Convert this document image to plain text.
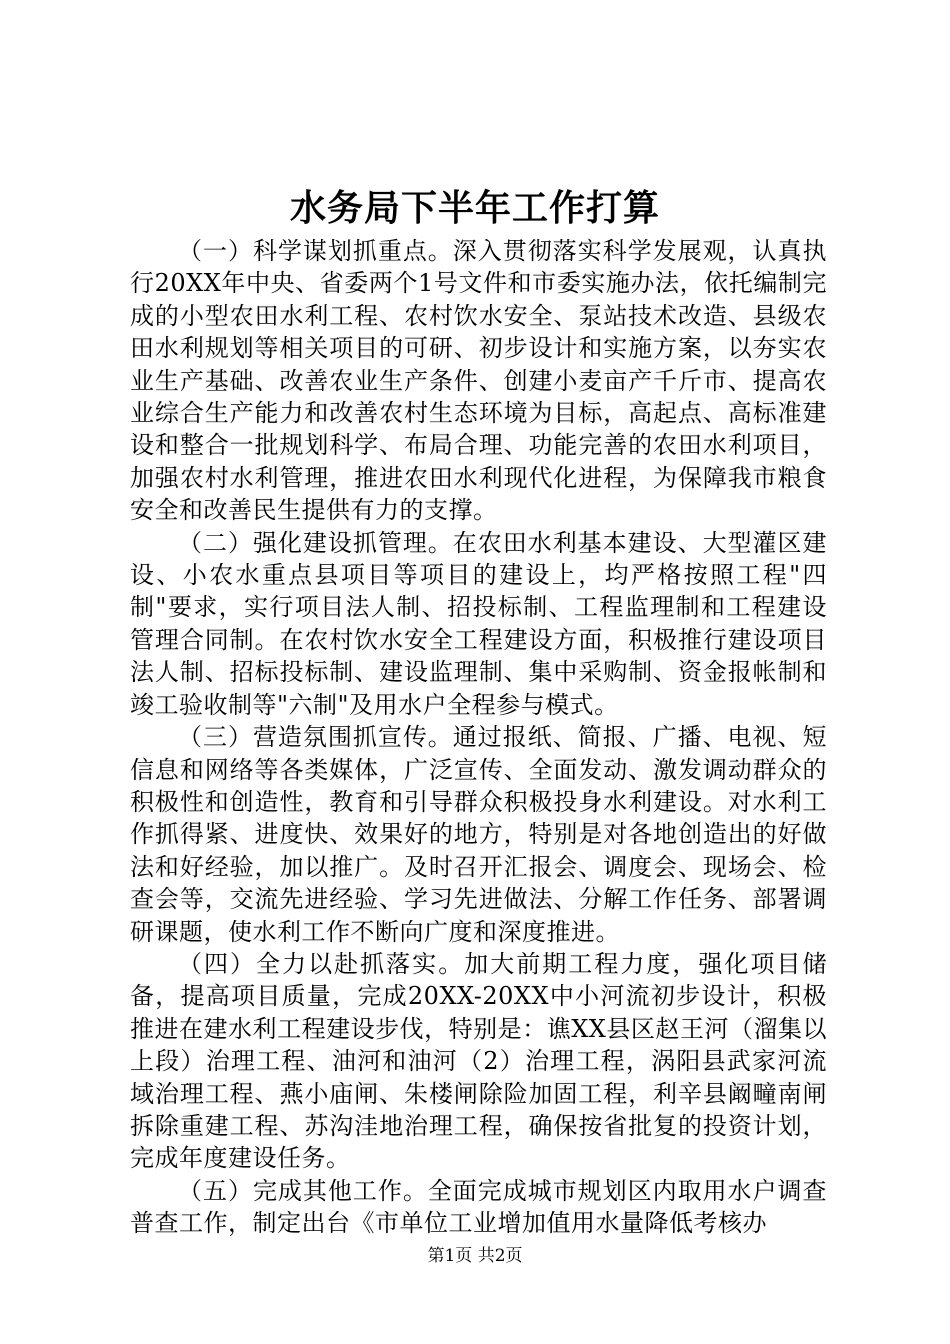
水务局下半年工作打算

（一）科学谋划抓重点。深入贯彻落实科学发展观，认真执行20XX年中央、省委两个1号文件和市委实施办法，依托编制完成的小型农田水利工程、农村饮水安全、泵站技术改造、县级农田水利规划等相关项目的可研、初步设计和实施方案，以夯实农业生产基础、改善农业生产条件、创建小麦亩产千斤市、提高农业综合生产能力和改善农村生态环境为目标，高起点、高标准建设和整合一批规划科学、布局合理、功能完善的农田水利项目，加强农村水利管理，推进农田水利现代化进程，为保障我市粮食安全和改善民生提供有力的支撑。

（二）强化建设抓管理。在农田水利基本建设、大型灌区建设、小农水重点县项目等项目的建设上，均严格按照工程"四制"要求，实行项目法人制、招投标制、工程监理制和工程建设管理合同制。在农村饮水安全工程建设方面，积极推行建设项目法人制、招标投标制、建设监理制、集中采购制、资金报帐制和竣工验收制等"六制"及用水户全程参与模式。

（三）营造氛围抓宣传。通过报纸、简报、广播、电视、短信息和网络等各类媒体，广泛宣传、全面发动、激发调动群众的积极性和创造性，教育和引导群众积极投身水利建设。对水利工作抓得紧、进度快、效果好的地方，特别是对各地创造出的好做法和好经验，加以推广。及时召开汇报会、调度会、现场会、检查会等，交流先进经验、学习先进做法、分解工作任务、部署调研课题，使水利工作不断向广度和深度推进。

（四）全力以赴抓落实。加大前期工程力度，强化项目储备，提高项目质量，完成20XX-20XX中小河流初步设计，积极推进在建水利工程建设步伐，特别是：谯XX县区赵王河（溜集以上段）治理工程、油河和油河（2）治理工程，涡阳县武家河流域治理工程、燕小庙闸、朱楼闸除险加固工程，利辛县阚疃南闸拆除重建工程、苏沟洼地治理工程，确保按省批复的投资计划，完成年度建设任务。

（五）完成其他工作。全面完成城市规划区内取用水户调查普查工作，制定出台《市单位工业增加值用水量降低考核办

第1页 共2页
